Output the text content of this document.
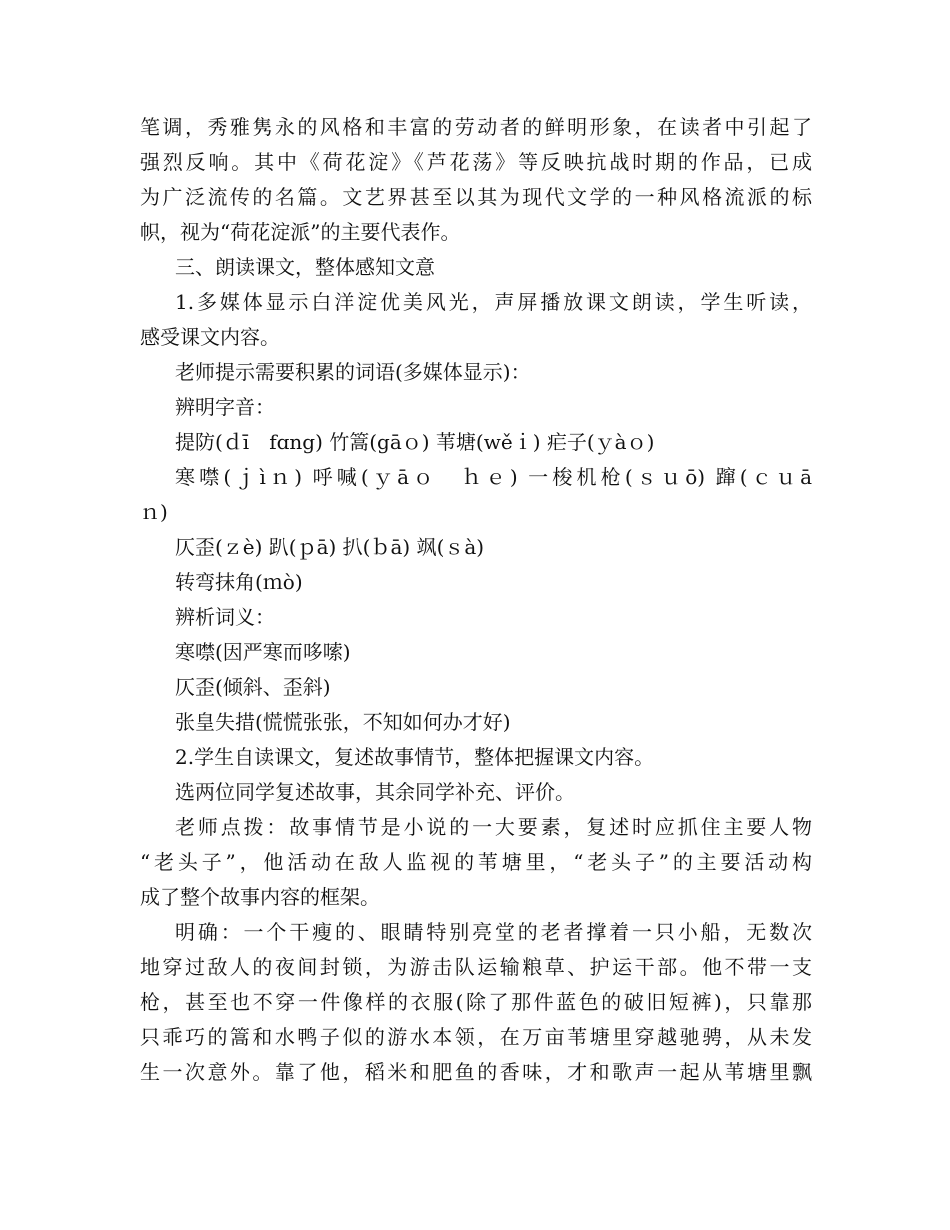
笔调，秀雅隽永的风格和丰富的劳动者的鲜明形象，在读者中引起了
强烈反响。其中《荷花淀》《芦花荡》等反映抗战时期的作品，已成
为广泛流传的名篇。文艺界甚至以其为现代文学的一种风格流派的标
帜，视为“荷花淀派”的主要代表作。
三、朗读课文，整体感知文意
1.多媒体显示白洋淀优美风光，声屏播放课文朗读，学生听读，
感受课文内容。
老师提示需要积累的词语(多媒体显示)：
辨明字音：
提防(ｄī　fɑng) 竹篙(gāｏ) 苇塘(wěｉ) 疟子(ｙàｏ)
寒噤(ｊìｎ) 呼喊(ｙāｏ　ｈｅ) 一梭机枪(ｓｕō) 蹿(ｃｕā
ｎ)
仄歪(ｚè) 趴(ｐā) 扒(ｂā) 飒(ｓà)
转弯抹角(ｍò)
辨析词义：
寒噤(因严寒而哆嗦)
仄歪(倾斜、歪斜)
张皇失措(慌慌张张，不知如何办才好)
2.学生自读课文，复述故事情节，整体把握课文内容。
选两位同学复述故事，其余同学补充、评价。
老师点拨：故事情节是小说的一大要素，复述时应抓住主要人物
“老头子”，他活动在敌人监视的苇塘里，“老头子”的主要活动构
成了整个故事内容的框架。
明确：一个干瘦的、眼睛特别亮堂的老者撑着一只小船，无数次
地穿过敌人的夜间封锁，为游击队运输粮草、护运干部。他不带一支
枪，甚至也不穿一件像样的衣服(除了那件蓝色的破旧短裤)，只靠那
只乖巧的篙和水鸭子似的游水本领，在万亩苇塘里穿越驰骋，从未发
生一次意外。靠了他，稻米和肥鱼的香味，才和歌声一起从苇塘里飘
